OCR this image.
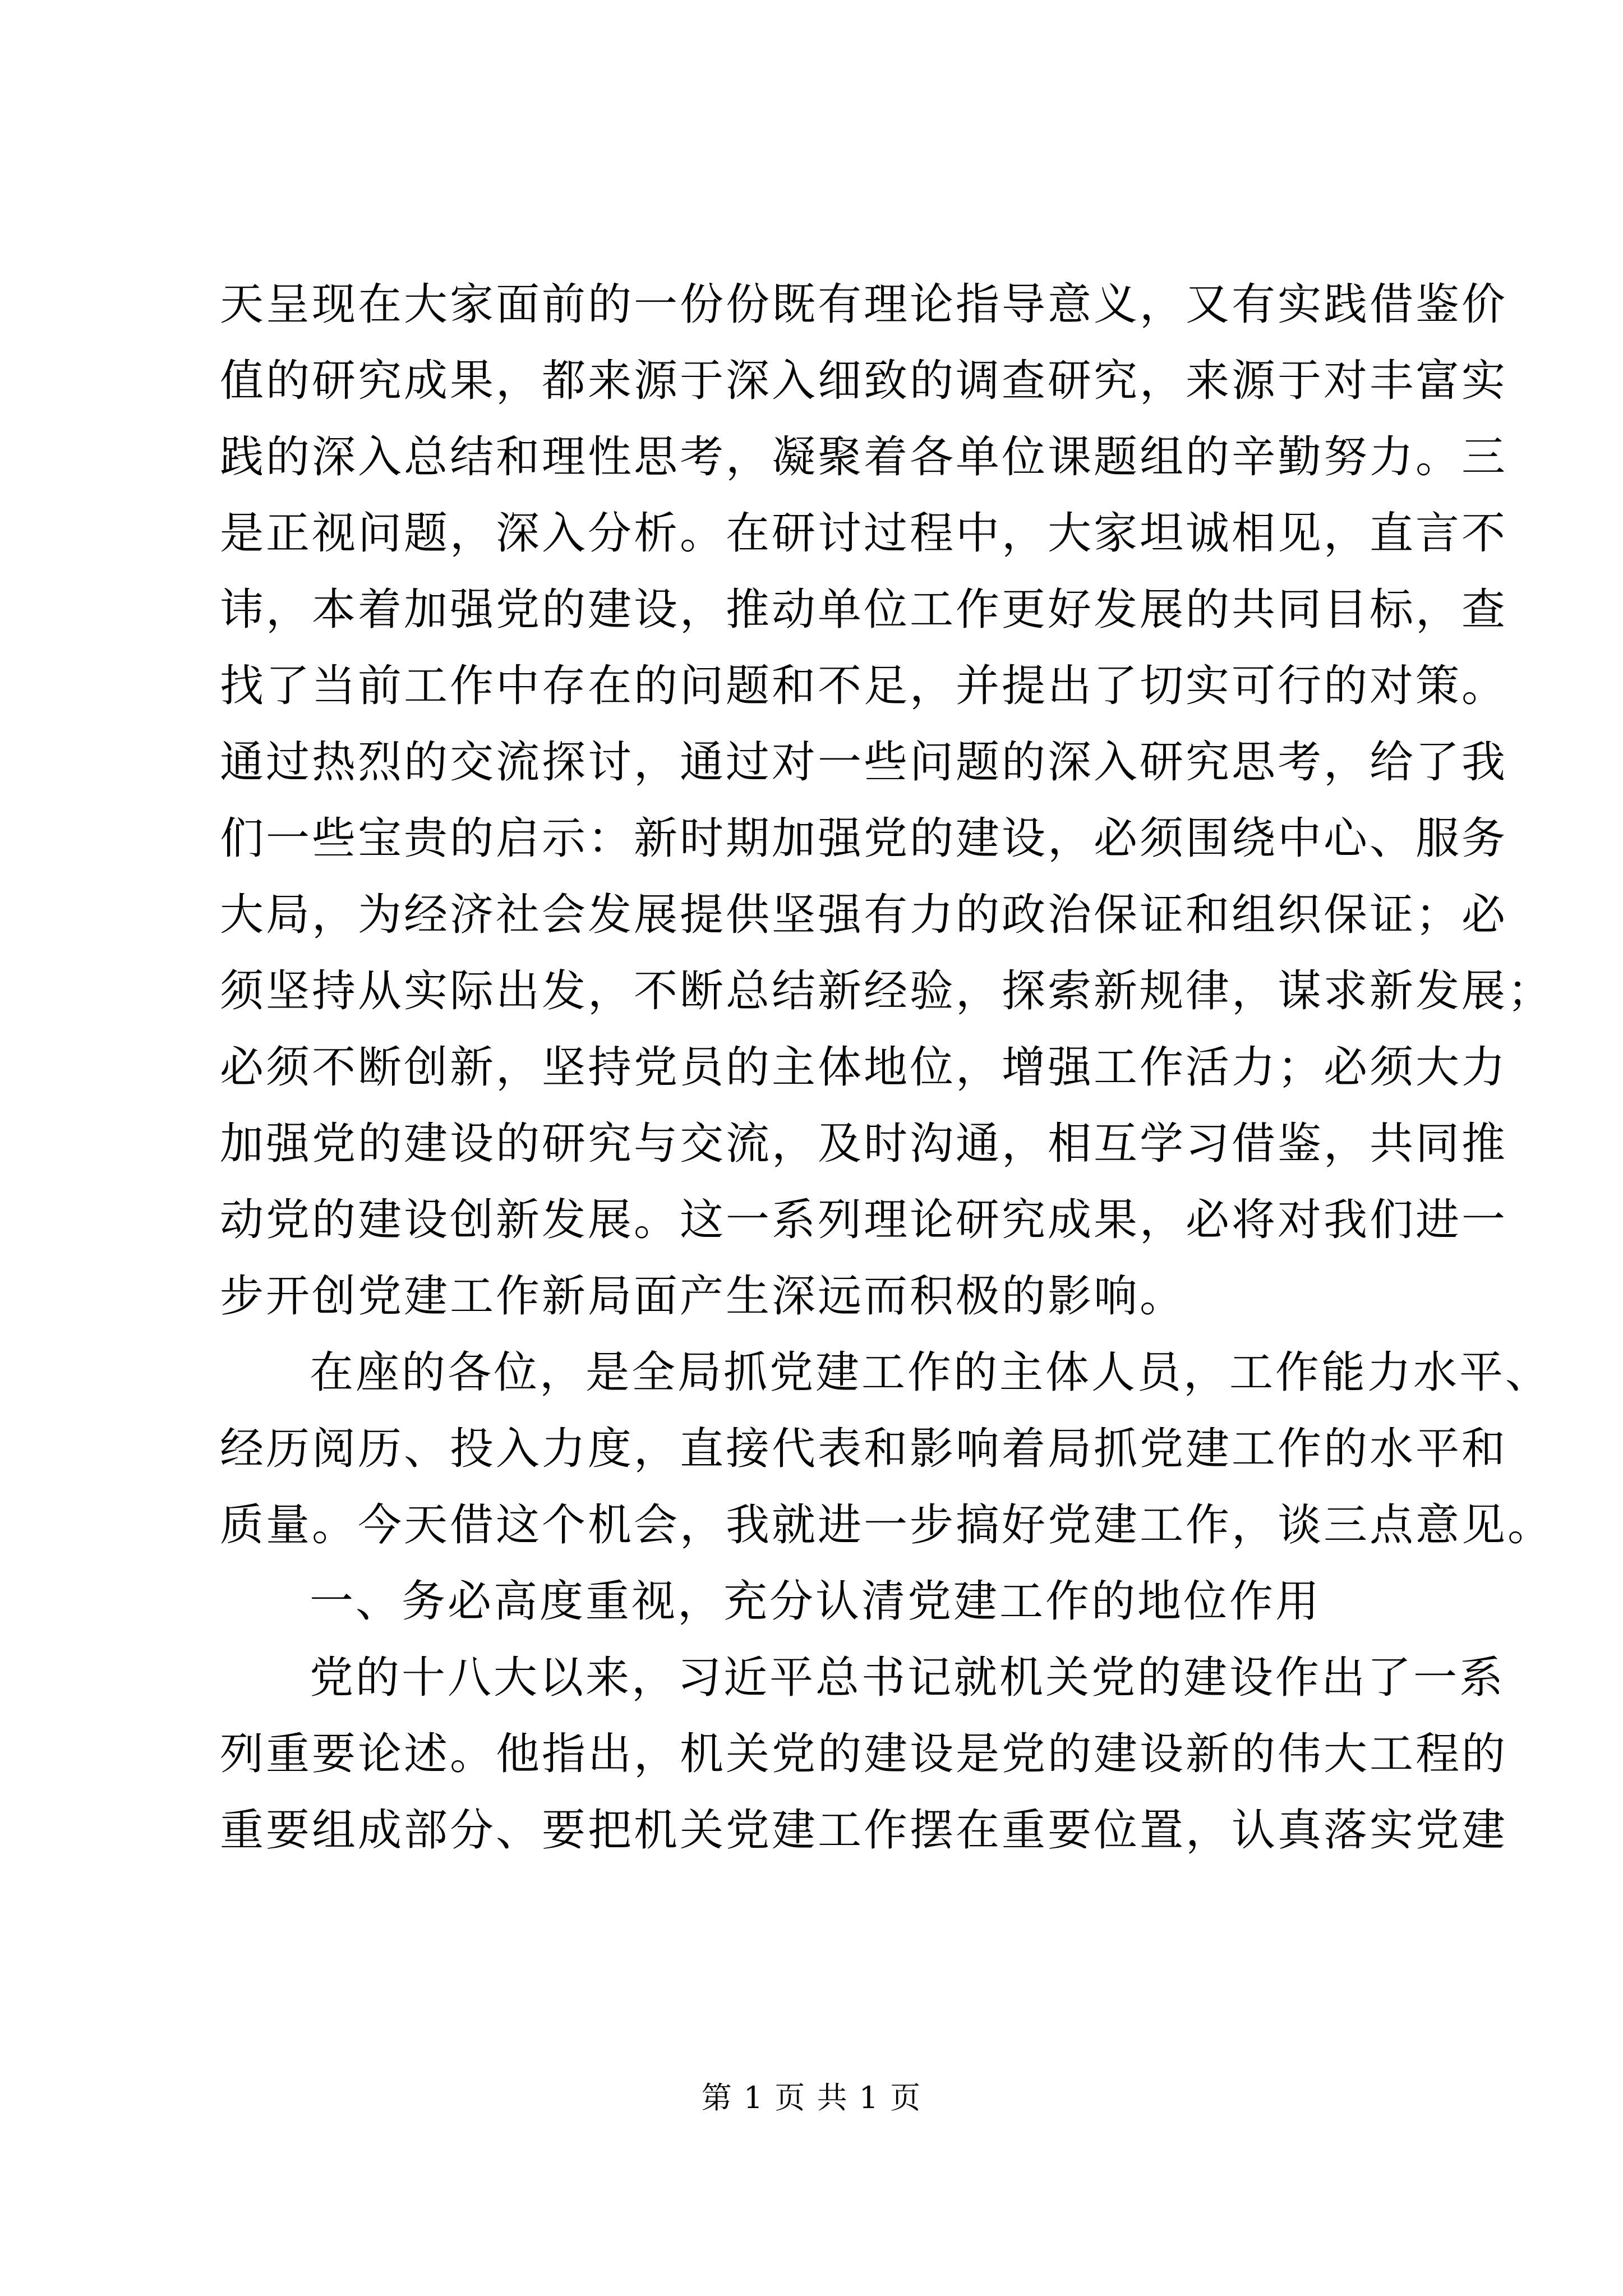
天呈现在大家面前的一份份既有理论指导意义，又有实践借鉴价
值的研究成果，都来源于深入细致的调查研究，来源于对丰富实
践的深入总结和理性思考，凝聚着各单位课题组的辛勤努力。三
是正视问题，深入分析。在研讨过程中，大家坦诚相见，直言不
讳，本着加强党的建设，推动单位工作更好发展的共同目标，查
找了当前工作中存在的问题和不足，并提出了切实可行的对策。
通过热烈的交流探讨，通过对一些问题的深入研究思考，给了我
们一些宝贵的启示：新时期加强党的建设，必须围绕中心、服务
大局，为经济社会发展提供坚强有力的政治保证和组织保证；必
须坚持从实际出发，不断总结新经验，探索新规律，谋求新发展；
必须不断创新，坚持党员的主体地位，增强工作活力；必须大力
加强党的建设的研究与交流，及时沟通，相互学习借鉴，共同推
动党的建设创新发展。这一系列理论研究成果，必将对我们进一
步开创党建工作新局面产生深远而积极的影响。
在座的各位，是全局抓党建工作的主体人员，工作能力水平、
经历阅历、投入力度，直接代表和影响着局抓党建工作的水平和
质量。今天借这个机会，我就进一步搞好党建工作，谈三点意见。
一、务必高度重视，充分认清党建工作的地位作用
党的十八大以来，习近平总书记就机关党的建设作出了一系
列重要论述。他指出，机关党的建设是党的建设新的伟大工程的
重要组成部分、要把机关党建工作摆在重要位置，认真落实党建
第 1 页 共 1 页
